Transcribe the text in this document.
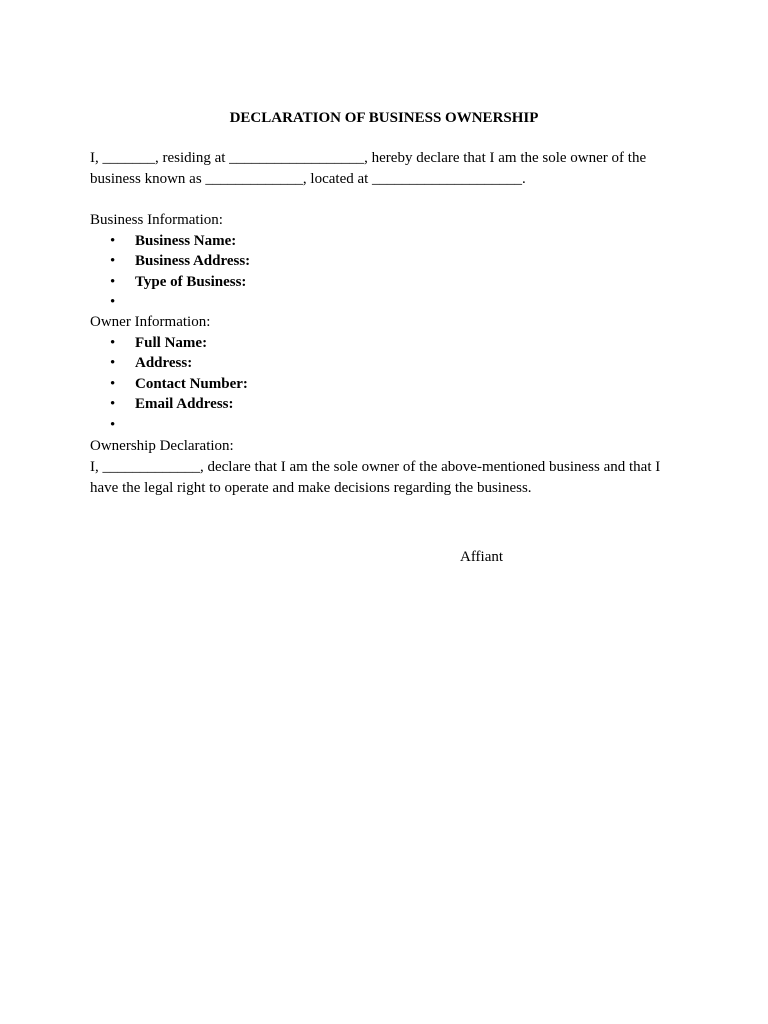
DECLARATION OF BUSINESS OWNERSHIP
I, _______, residing at __________________, hereby declare that I am the sole owner of the business known as _____________, located at ____________________.
Business Information:
• Business Name:
• Business Address:
• Type of Business:
•
Owner Information:
• Full Name:
• Address:
• Contact Number:
• Email Address:
•
Ownership Declaration:
I, _____________, declare that I am the sole owner of the above-mentioned business and that I have the legal right to operate and make decisions regarding the business.
Affiant
